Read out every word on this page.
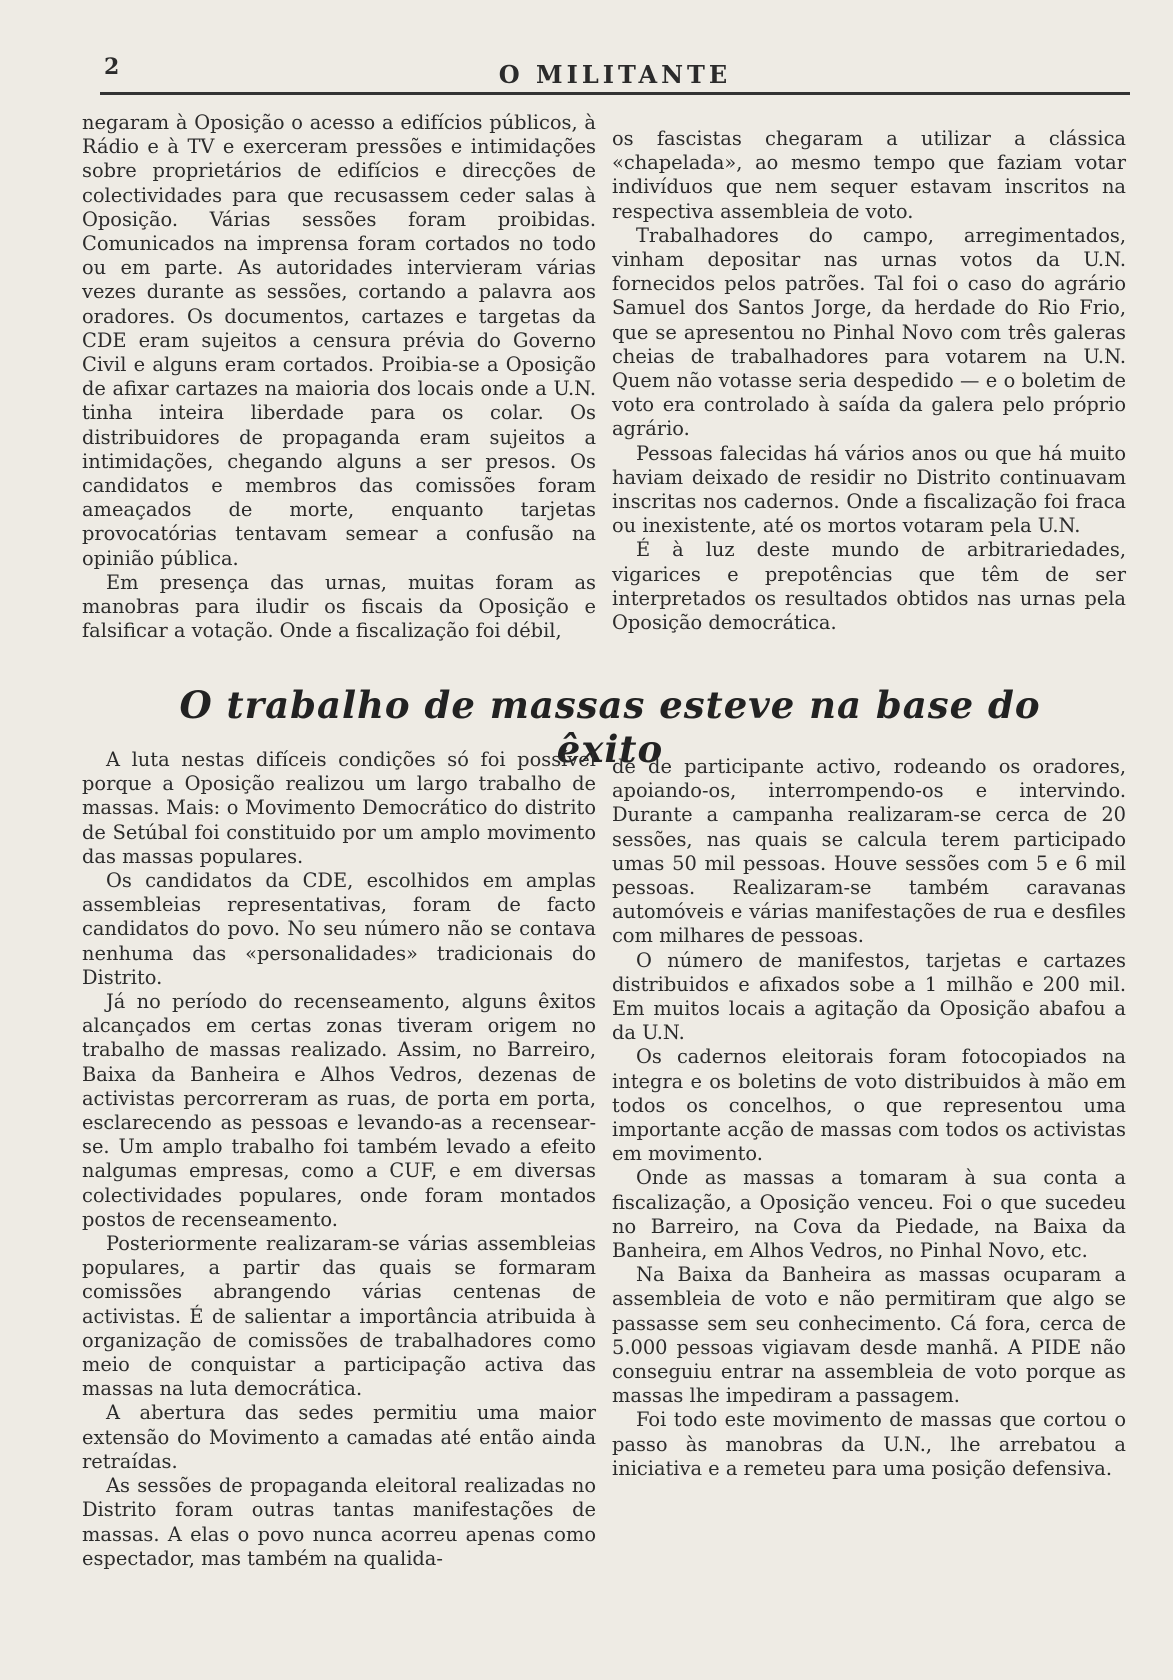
2	O MILITANTE

negaram à Oposição o acesso a edifícios públicos, à Rádio e à TV e exerceram pressões e intimidações sobre proprietários de edifícios e direcções de colectividades para que recusassem ceder salas à Oposição. Várias sessões foram proibidas. Comunicados na imprensa foram cortados no todo ou em parte. As autoridades intervieram várias vezes durante as sessões, cortando a palavra aos oradores. Os documentos, cartazes e targetas da CDE eram sujeitos a censura prévia do Governo Civil e alguns eram cortados. Proibia-se a Oposição de afixar cartazes na maioria dos locais onde a U.N. tinha inteira liberdade para os colar. Os distribuidores de propaganda eram sujeitos a intimidações, chegando alguns a ser presos. Os candidatos e membros das comissões foram ameaçados de morte, enquanto tarjetas provocatórias tentavam semear a confusão na opinião pública.

Em presença das urnas, muitas foram as manobras para iludir os fiscais da Oposição e falsificar a votação. Onde a fiscalização foi débil,

os fascistas chegaram a utilizar a clássica «chapelada», ao mesmo tempo que faziam votar indivíduos que nem sequer estavam inscritos na respectiva assembleia de voto.

Trabalhadores do campo, arregimentados, vinham depositar nas urnas votos da U.N. fornecidos pelos patrões. Tal foi o caso do agrário Samuel dos Santos Jorge, da herdade do Rio Frio, que se apresentou no Pinhal Novo com três galeras cheias de trabalhadores para votarem na U.N. Quem não votasse seria despedido — e o boletim de voto era controlado à saída da galera pelo próprio agrário.

Pessoas falecidas há vários anos ou que há muito haviam deixado de residir no Distrito continuavam inscritas nos cadernos. Onde a fiscalização foi fraca ou inexistente, até os mortos votaram pela U.N.

É à luz deste mundo de arbitrariedades, vigarices e prepotências que têm de ser interpretados os resultados obtidos nas urnas pela Oposição democrática.

O trabalho de massas esteve na base do êxito

A luta nestas difíceis condições só foi possível porque a Oposição realizou um largo trabalho de massas. Mais: o Movimento Democrático do distrito de Setúbal foi constituido por um amplo movimento das massas populares.

Os candidatos da CDE, escolhidos em amplas assembleias representativas, foram de facto candidatos do povo. No seu número não se contava nenhuma das «personalidades» tradicionais do Distrito.

Já no período do recenseamento, alguns êxitos alcançados em certas zonas tiveram origem no trabalho de massas realizado. Assim, no Barreiro, Baixa da Banheira e Alhos Vedros, dezenas de activistas percorreram as ruas, de porta em porta, esclarecendo as pessoas e levando-as a recensear-se. Um amplo trabalho foi também levado a efeito nalgumas empresas, como a CUF, e em diversas colectividades populares, onde foram montados postos de recenseamento.

Posteriormente realizaram-se várias assembleias populares, a partir das quais se formaram comissões abrangendo várias centenas de activistas. É de salientar a importância atribuida à organização de comissões de trabalhadores como meio de conquistar a participação activa das massas na luta democrática.

A abertura das sedes permitiu uma maior extensão do Movimento a camadas até então ainda retraídas.

As sessões de propaganda eleitoral realizadas no Distrito foram outras tantas manifestações de massas. A elas o povo nunca acorreu apenas como espectador, mas também na qualida-

de de participante activo, rodeando os oradores, apoiando-os, interrompendo-os e intervindo. Durante a campanha realizaram-se cerca de 20 sessões, nas quais se calcula terem participado umas 50 mil pessoas. Houve sessões com 5 e 6 mil pessoas. Realizaram-se também caravanas automóveis e várias manifestações de rua e desfiles com milhares de pessoas.

O número de manifestos, tarjetas e cartazes distribuidos e afixados sobe a 1 milhão e 200 mil. Em muitos locais a agitação da Oposição abafou a da U.N.

Os cadernos eleitorais foram fotocopiados na integra e os boletins de voto distribuidos à mão em todos os concelhos, o que representou uma importante acção de massas com todos os activistas em movimento.

Onde as massas a tomaram à sua conta a fiscalização, a Oposição venceu. Foi o que sucedeu no Barreiro, na Cova da Piedade, na Baixa da Banheira, em Alhos Vedros, no Pinhal Novo, etc.

Na Baixa da Banheira as massas ocuparam a assembleia de voto e não permitiram que algo se passasse sem seu conhecimento. Cá fora, cerca de 5.000 pessoas vigiavam desde manhã. A PIDE não conseguiu entrar na assembleia de voto porque as massas lhe impediram a passagem.

Foi todo este movimento de massas que cortou o passo às manobras da U.N., lhe arrebatou a iniciativa e a remeteu para uma posição defensiva.
